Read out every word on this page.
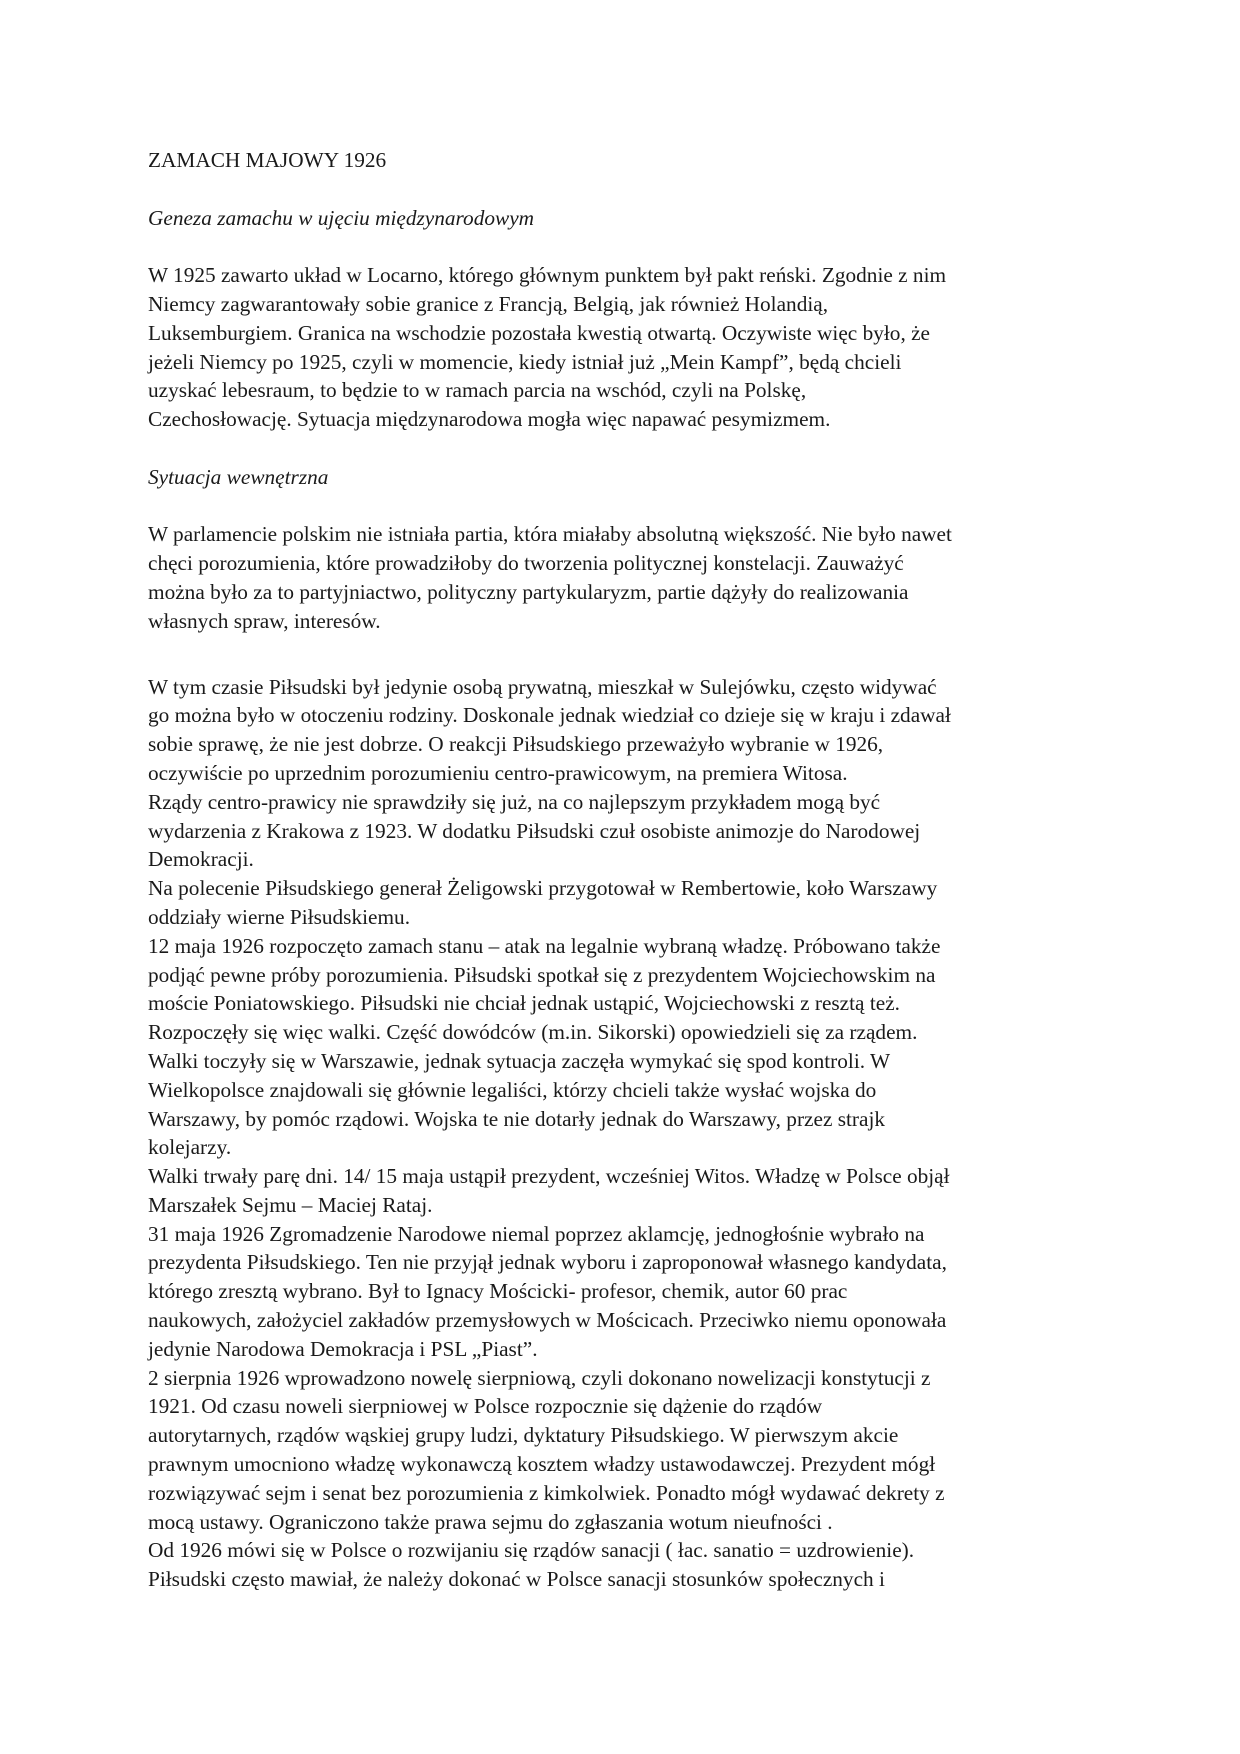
ZAMACH MAJOWY 1926
Geneza zamachu w ujęciu międzynarodowym
W 1925 zawarto układ w Locarno, którego głównym punktem był pakt reński. Zgodnie z nim
Niemcy zagwarantowały sobie granice z Francją, Belgią, jak również Holandią,
Luksemburgiem. Granica na wschodzie pozostała kwestią otwartą. Oczywiste więc było, że
jeżeli Niemcy po 1925, czyli w momencie, kiedy istniał już „Mein Kampf”, będą chcieli
uzyskać lebesraum, to będzie to w ramach parcia na wschód, czyli na Polskę,
Czechosłowację. Sytuacja międzynarodowa mogła więc napawać pesymizmem.
Sytuacja wewnętrzna
W parlamencie polskim nie istniała partia, która miałaby absolutną większość. Nie było nawet
chęci porozumienia, które prowadziłoby do tworzenia politycznej konstelacji. Zauważyć
można było za to partyjniactwo, polityczny partykularyzm, partie dążyły do realizowania
własnych spraw, interesów.
W tym czasie Piłsudski był jedynie osobą prywatną, mieszkał w Sulejówku, często widywać
go można było w otoczeniu rodziny. Doskonale jednak wiedział co dzieje się w kraju i zdawał
sobie sprawę, że nie jest dobrze. O reakcji Piłsudskiego przeważyło wybranie w 1926,
oczywiście po uprzednim porozumieniu centro-prawicowym, na premiera Witosa.
Rządy centro-prawicy nie sprawdziły się już, na co najlepszym przykładem mogą być
wydarzenia z Krakowa z 1923. W dodatku Piłsudski czuł osobiste animozje do Narodowej
Demokracji.
Na polecenie Piłsudskiego generał Żeligowski przygotował w Rembertowie, koło Warszawy
oddziały wierne Piłsudskiemu.
12 maja 1926 rozpoczęto zamach stanu – atak na legalnie wybraną władzę. Próbowano także
podjąć pewne próby porozumienia. Piłsudski spotkał się z prezydentem Wojciechowskim na
moście Poniatowskiego. Piłsudski nie chciał jednak ustąpić, Wojciechowski z resztą też.
Rozpoczęły się więc walki. Część dowódców (m.in. Sikorski) opowiedzieli się za rządem.
Walki toczyły się w Warszawie, jednak sytuacja zaczęła wymykać się spod kontroli. W
Wielkopolsce znajdowali się głównie legaliści, którzy chcieli także wysłać wojska do
Warszawy, by pomóc rządowi. Wojska te nie dotarły jednak do Warszawy, przez strajk
kolejarzy.
Walki trwały parę dni. 14/ 15 maja ustąpił prezydent, wcześniej Witos. Władzę w Polsce objął
Marszałek Sejmu – Maciej Rataj.
31 maja 1926 Zgromadzenie Narodowe niemal poprzez aklamcję, jednogłośnie wybrało na
prezydenta Piłsudskiego. Ten nie przyjął jednak wyboru i zaproponował własnego kandydata,
którego zresztą wybrano. Był to Ignacy Mościcki- profesor, chemik, autor 60 prac
naukowych, założyciel zakładów przemysłowych w Mościcach. Przeciwko niemu oponowała
jedynie Narodowa Demokracja i PSL „Piast”.
2 sierpnia 1926 wprowadzono nowelę sierpniową, czyli dokonano nowelizacji konstytucji z
1921. Od czasu noweli sierpniowej w Polsce rozpocznie się dążenie do rządów
autorytarnych, rządów wąskiej grupy ludzi, dyktatury Piłsudskiego. W pierwszym akcie
prawnym umocniono władzę wykonawczą kosztem władzy ustawodawczej. Prezydent mógł
rozwiązywać sejm i senat bez porozumienia z kimkolwiek. Ponadto mógł wydawać dekrety z
mocą ustawy. Ograniczono także prawa sejmu do zgłaszania wotum nieufności .
Od 1926 mówi się w Polsce o rozwijaniu się rządów sanacji ( łac. sanatio = uzdrowienie).
Piłsudski często mawiał, że należy dokonać w Polsce sanacji stosunków społecznych i
